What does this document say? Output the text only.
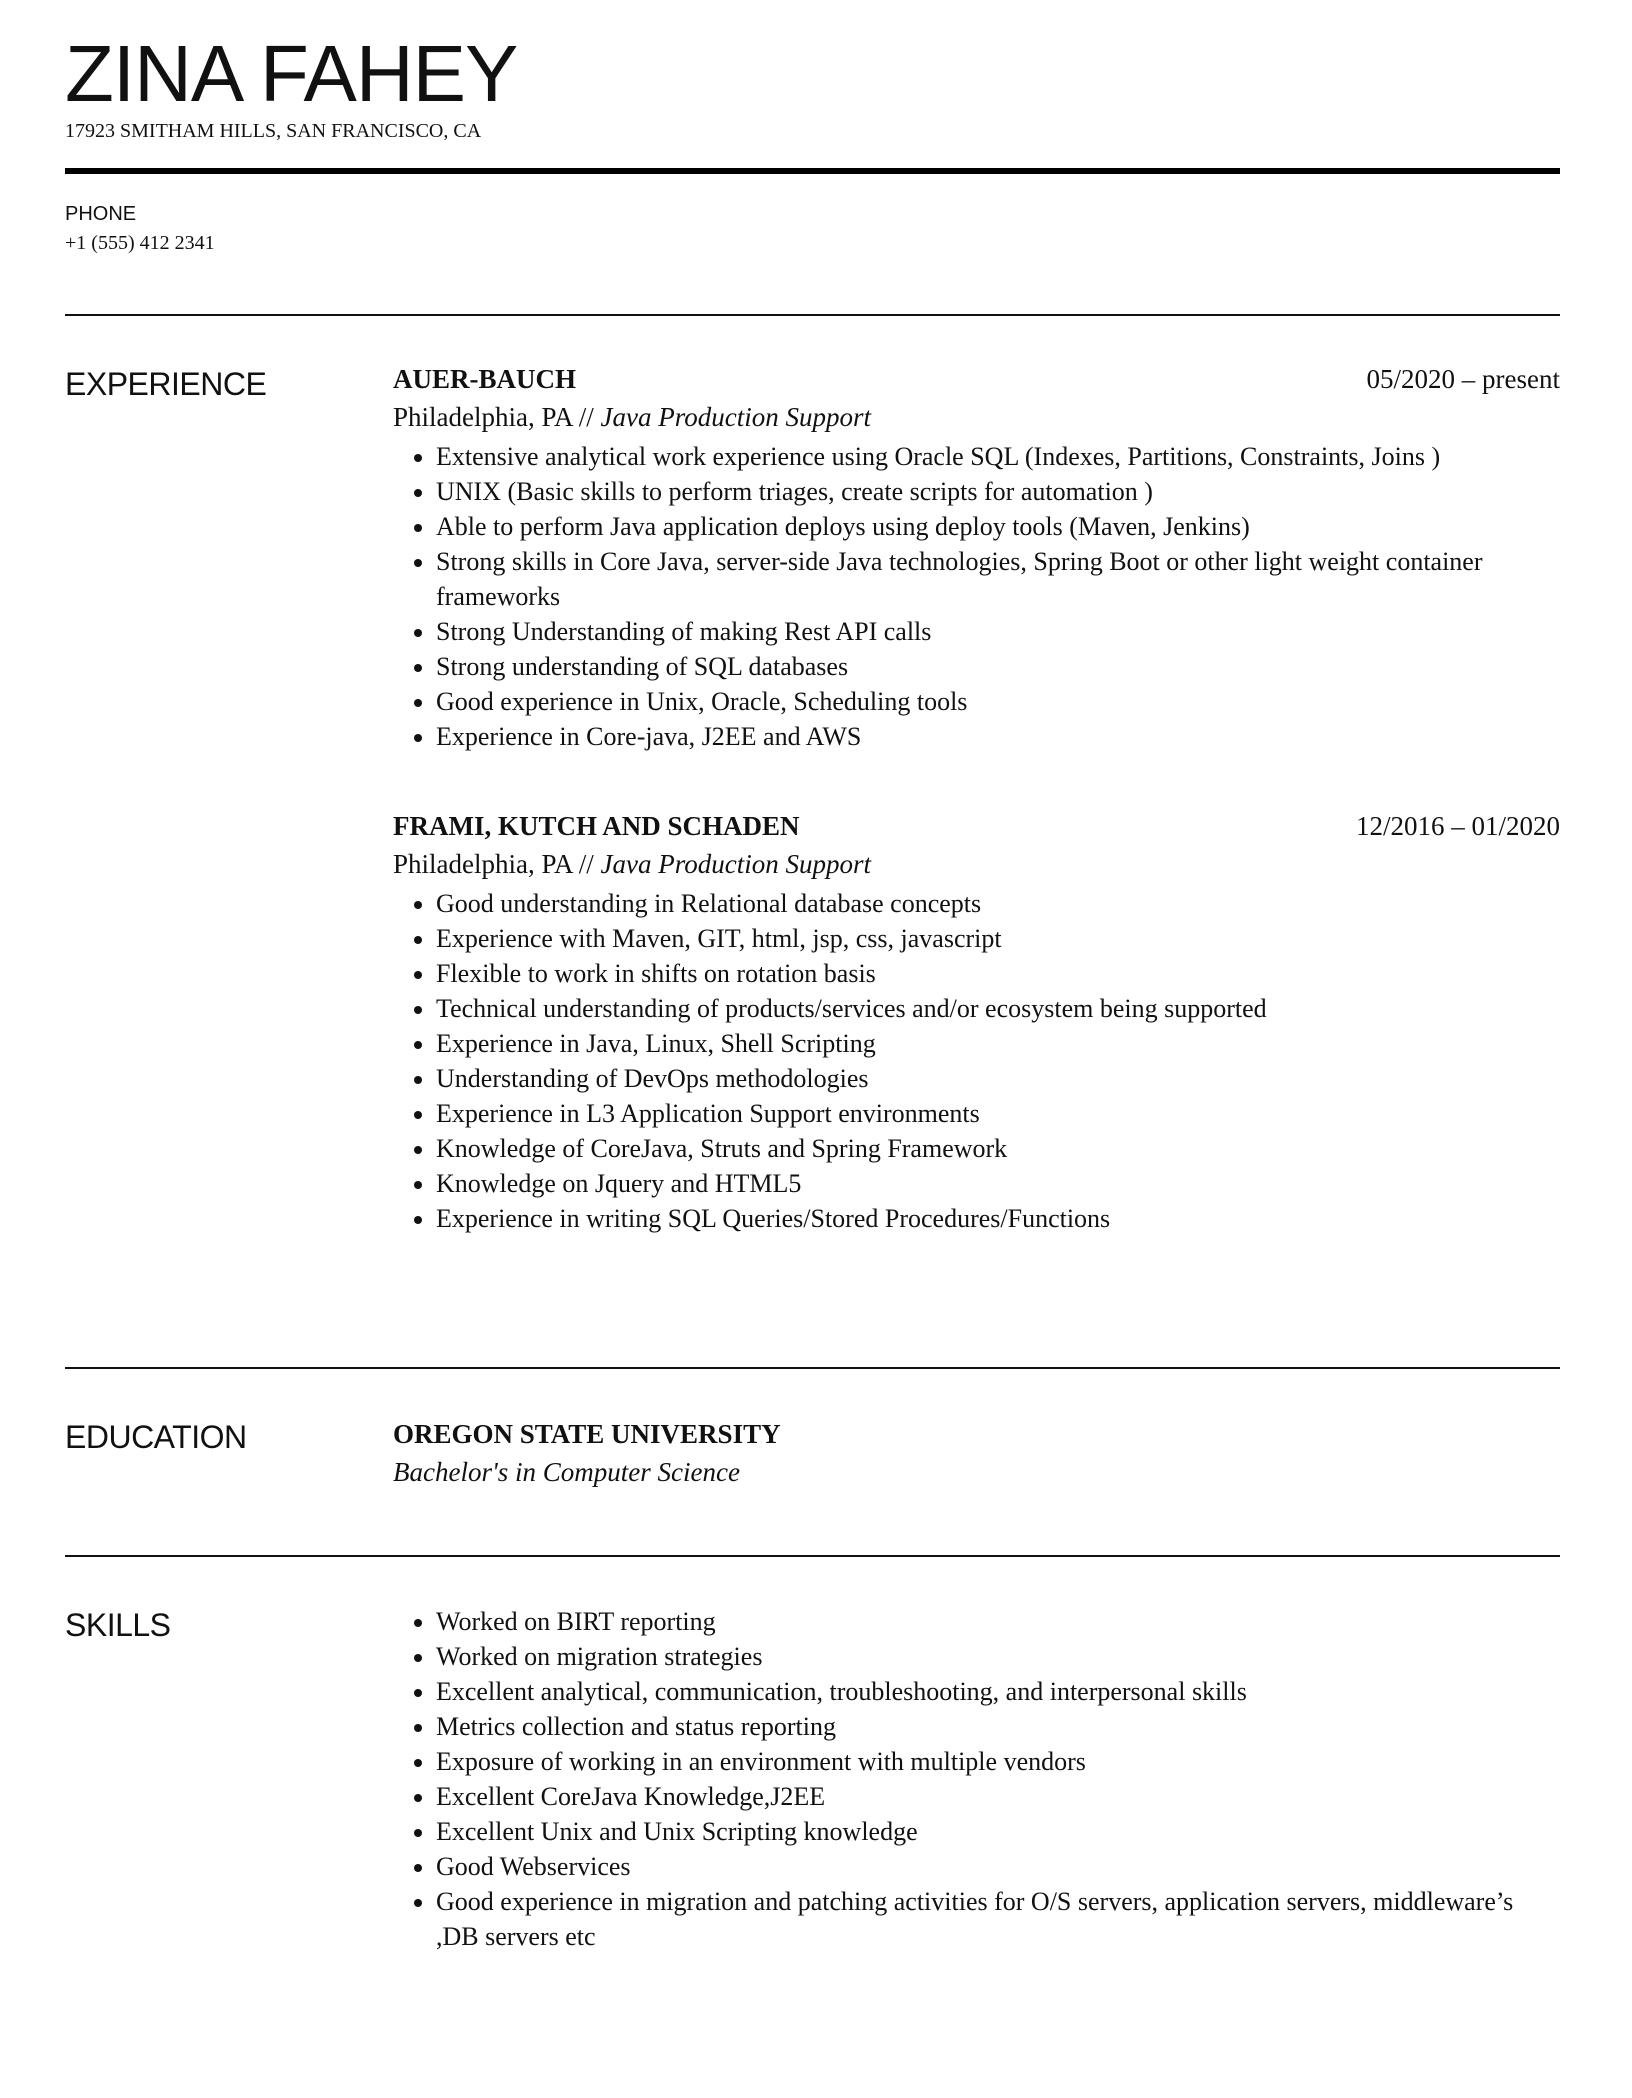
ZINA FAHEY
17923 SMITHAM HILLS, SAN FRANCISCO, CA
PHONE
+1 (555) 412 2341
EXPERIENCE	AUER-BAUCH	05/2020 – present
Philadelphia, PA // Java Production Support
• Extensive analytical work experience using Oracle SQL (Indexes, Partitions, Constraints, Joins )
• UNIX (Basic skills to perform triages, create scripts for automation )
• Able to perform Java application deploys using deploy tools (Maven, Jenkins)
• Strong skills in Core Java, server-side Java technologies, Spring Boot or other light weight container frameworks
• Strong Understanding of making Rest API calls
• Strong understanding of SQL databases
• Good experience in Unix, Oracle, Scheduling tools
• Experience in Core-java, J2EE and AWS
FRAMI, KUTCH AND SCHADEN	12/2016 – 01/2020
Philadelphia, PA // Java Production Support
• Good understanding in Relational database concepts
• Experience with Maven, GIT, html, jsp, css, javascript
• Flexible to work in shifts on rotation basis
• Technical understanding of products/services and/or ecosystem being supported
• Experience in Java, Linux, Shell Scripting
• Understanding of DevOps methodologies
• Experience in L3 Application Support environments
• Knowledge of CoreJava, Struts and Spring Framework
• Knowledge on Jquery and HTML5
• Experience in writing SQL Queries/Stored Procedures/Functions
EDUCATION	OREGON STATE UNIVERSITY
Bachelor's in Computer Science
SKILLS	• Worked on BIRT reporting
• Worked on migration strategies
• Excellent analytical, communication, troubleshooting, and interpersonal skills
• Metrics collection and status reporting
• Exposure of working in an environment with multiple vendors
• Excellent CoreJava Knowledge,J2EE
• Excellent Unix and Unix Scripting knowledge
• Good Webservices
• Good experience in migration and patching activities for O/S servers, application servers, middleware’s ,DB servers etc
